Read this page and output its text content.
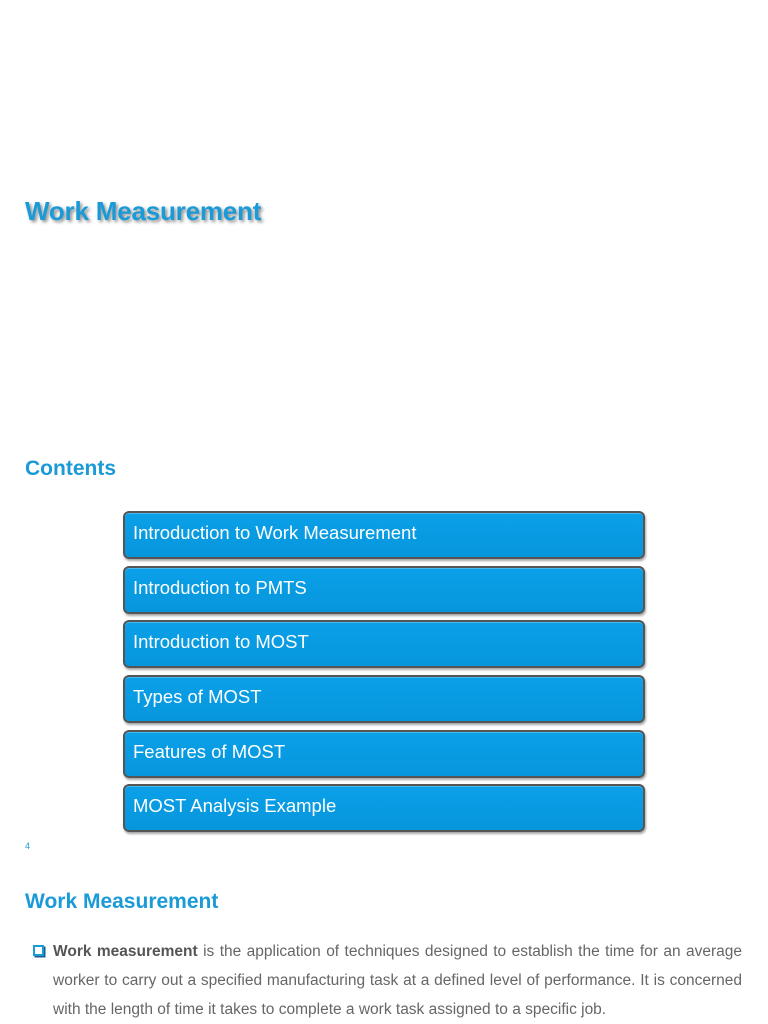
Work Measurement
Contents
Introduction to Work Measurement
Introduction to PMTS
Introduction to MOST
Types of MOST
Features of MOST
MOST Analysis Example
4
Work Measurement

Work measurement is the application of techniques designed to establish the time for an average worker to carry out a specified manufacturing task at a defined level of performance. It is concerned with the length of time it takes to complete a work task assigned to a specific job.
